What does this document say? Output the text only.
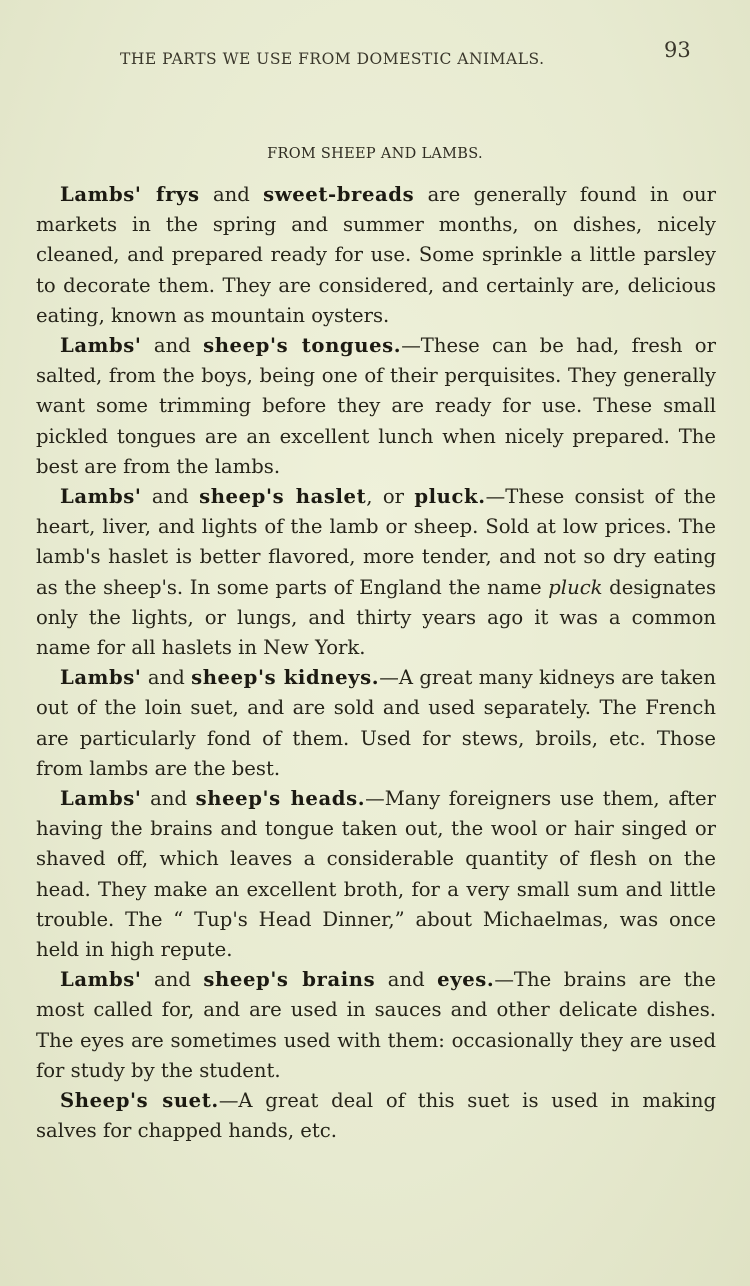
THE PARTS WE USE FROM DOMESTIC ANIMALS.	93
FROM SHEEP AND LAMBS.

Lambs' frys and sweet-breads are generally found in our markets in the spring and summer months, on dishes, nicely cleaned, and prepared ready for use. Some sprinkle a little parsley to decorate them. They are considered, and certainly are, delicious eating, known as mountain oysters.

Lambs' and sheep's tongues.—These can be had, fresh or salted, from the boys, being one of their perquisites. They generally want some trimming before they are ready for use. These small pickled tongues are an excellent lunch when nicely prepared. The best are from the lambs.

Lambs' and sheep's haslet, or pluck.—These consist of the heart, liver, and lights of the lamb or sheep. Sold at low prices. The lamb's haslet is better flavored, more tender, and not so dry eating as the sheep's. In some parts of England the name pluck designates only the lights, or lungs, and thirty years ago it was a common name for all haslets in New York.

Lambs' and sheep's kidneys.—A great many kidneys are taken out of the loin suet, and are sold and used separately. The French are particularly fond of them. Used for stews, broils, etc. Those from lambs are the best.

Lambs' and sheep's heads.—Many foreigners use them, after having the brains and tongue taken out, the wool or hair singed or shaved off, which leaves a considerable quantity of flesh on the head. They make an excellent broth, for a very small sum and little trouble. The “ Tup's Head Dinner,” about Michaelmas, was once held in high repute.

Lambs' and sheep's brains and eyes.—The brains are the most called for, and are used in sauces and other delicate dishes. The eyes are sometimes used with them: occasionally they are used for study by the student.

Sheep's suet.—A great deal of this suet is used in making salves for chapped hands, etc.
